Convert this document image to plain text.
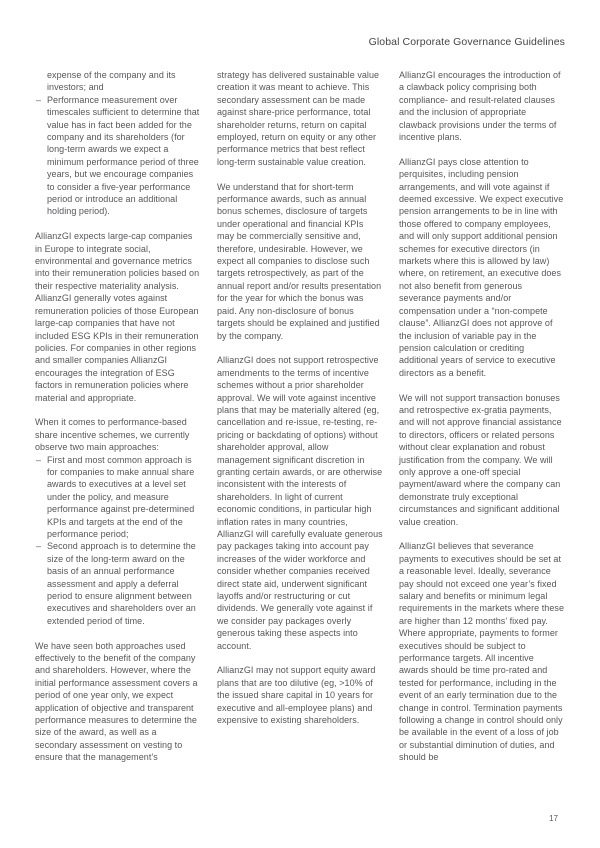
Global Corporate Governance Guidelines
expense of the company and its investors; and
– Performance measurement over timescales sufficient to determine that value has in fact been added for the company and its shareholders (for long-term awards we expect a minimum performance period of three years, but we encourage companies to consider a five-year performance period or introduce an additional holding period).

AllianzGI expects large-cap companies in Europe to integrate social, environmental and governance metrics into their remuneration policies based on their respective materiality analysis. AllianzGI generally votes against remuneration policies of those European large-cap companies that have not included ESG KPIs in their remuneration policies. For companies in other regions and smaller companies AllianzGI encourages the integration of ESG factors in remuneration policies where material and appropriate.

When it comes to performance-based share incentive schemes, we currently observe two main approaches:

– First and most common approach is for companies to make annual share awards to executives at a level set under the policy, and measure performance against pre-determined KPIs and targets at the end of the performance period;
– Second approach is to determine the size of the long-term award on the basis of an annual performance assessment and apply a deferral period to ensure alignment between executives and shareholders over an extended period of time.

We have seen both approaches used effectively to the benefit of the company and shareholders. However, where the initial performance assessment covers a period of one year only, we expect application of objective and transparent performance measures to determine the size of the award, as well as a secondary assessment on vesting to ensure that the management’s

strategy has delivered sustainable value creation it was meant to achieve. This secondary assessment can be made against share-price performance, total shareholder returns, return on capital employed, return on equity or any other performance metrics that best reflect long-term sustainable value creation.

We understand that for short-term performance awards, such as annual bonus schemes, disclosure of targets under operational and financial KPIs may be commercially sensitive and, therefore, undesirable. However, we expect all companies to disclose such targets retrospectively, as part of the annual report and/or results presentation for the year for which the bonus was paid. Any non-disclosure of bonus targets should be explained and justified by the company.

AllianzGI does not support retrospective amendments to the terms of incentive schemes without a prior shareholder approval. We will vote against incentive plans that may be materially altered (eg, cancellation and re-issue, re-testing, re-pricing or backdating of options) without shareholder approval, allow management significant discretion in granting certain awards, or are otherwise inconsistent with the interests of shareholders. In light of current economic conditions, in particular high inflation rates in many countries, AllianzGI will carefully evaluate generous pay packages taking into account pay increases of the wider workforce and consider whether companies received direct state aid, underwent significant layoffs and/or restructuring or cut dividends. We generally vote against if we consider pay packages overly generous taking these aspects into account.

AllianzGI may not support equity award plans that are too dilutive (eg, >10% of the issued share capital in 10 years for executive and all-employee plans) and expensive to existing shareholders.

AllianzGI encourages the introduction of a clawback policy comprising both compliance- and result-related clauses and the inclusion of appropriate clawback provisions under the terms of incentive plans.

AllianzGI pays close attention to perquisites, including pension arrangements, and will vote against if deemed excessive. We expect executive pension arrangements to be in line with those offered to company employees, and will only support additional pension schemes for executive directors (in markets where this is allowed by law) where, on retirement, an executive does not also benefit from generous severance payments and/or compensation under a “non-compete clause”. AllianzGI does not approve of the inclusion of variable pay in the pension calculation or crediting additional years of service to executive directors as a benefit.

We will not support transaction bonuses and retrospective ex-gratia payments, and will not approve financial assistance to directors, officers or related persons without clear explanation and robust justification from the company. We will only approve a one-off special payment/award where the company can demonstrate truly exceptional circumstances and significant additional value creation.

AllianzGI believes that severance payments to executives should be set at a reasonable level. Ideally, severance pay should not exceed one year’s fixed salary and benefits or minimum legal requirements in the markets where these are higher than 12 months’ fixed pay. Where appropriate, payments to former executives should be subject to performance targets. All incentive awards should be time pro-rated and tested for performance, including in the event of an early termination due to the change in control. Termination payments following a change in control should only be available in the event of a loss of job or substantial diminution of duties, and should be

17
